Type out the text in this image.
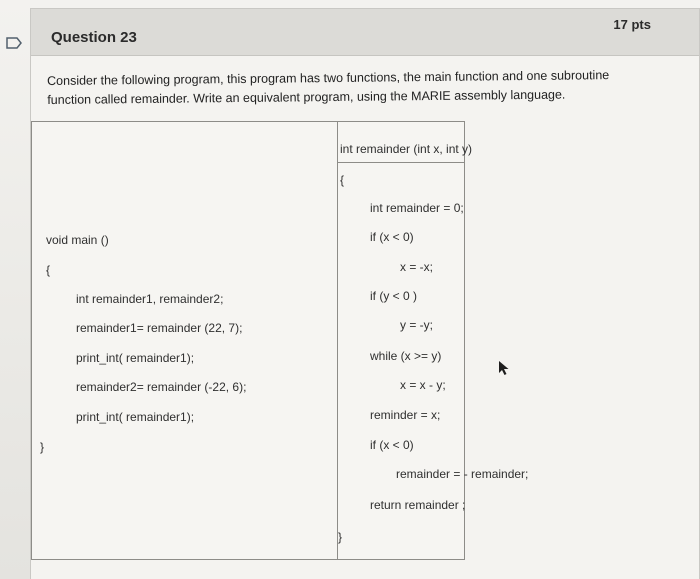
Question 23
17 pts
Consider the following program, this program has two functions, the main function and one subroutine function called remainder. Write an equivalent program, using the MARIE assembly language.
void main ()
{
int remainder1, remainder2;
remainder1= remainder (22, 7);
print_int( remainder1);
remainder2= remainder (-22, 6);
print_int( remainder1);
}
int remainder (int x, int y)
{
int remainder = 0;
if (x < 0)
x = -x;
if (y < 0 )
y = -y;
while (x >= y)
x = x - y;
reminder = x;
if (x < 0)
remainder = - remainder;
return remainder ;
}
